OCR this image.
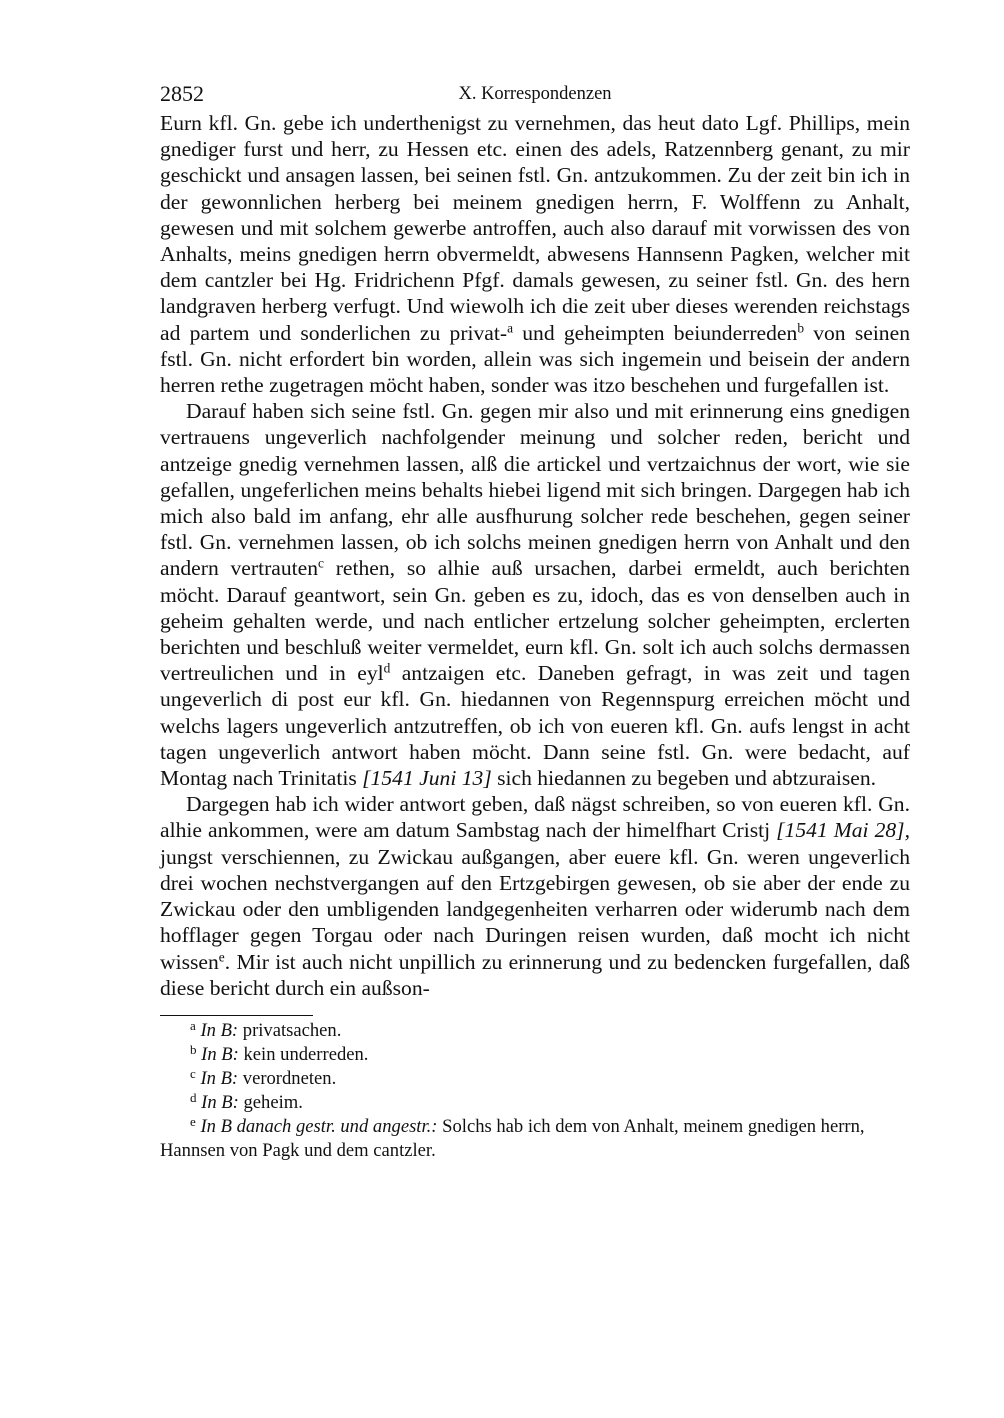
2852	X. Korrespondenzen

Eurn kfl. Gn. gebe ich underthenigst zu vernehmen, das heut dato Lgf. Phillips, mein gnediger furst und herr, zu Hessen etc. einen des adels, Ratzennberg genant, zu mir geschickt und ansagen lassen, bei seinen fstl. Gn. antzukommen. Zu der zeit bin ich in der gewonnlichen herberg bei meinem gnedigen herrn, F. Wolffenn zu Anhalt, gewesen und mit solchem gewerbe antroffen, auch also darauf mit vorwissen des von Anhalts, meins gnedigen herrn obvermeldt, abwesens Hannsenn Pagken, welcher mit dem cantzler bei Hg. Fridrichenn Pfgf. damals gewesen, zu seiner fstl. Gn. des hern landgraven herberg verfugt. Und wiewolh ich die zeit uber dieses werenden reichstags ad partem und sonderlichen zu privat-$^a$ und geheimpten beiunderreden$^b$ von seinen fstl. Gn. nicht erfordert bin worden, allein was sich ingemein und beisein der andern herren rethe zugetragen möcht haben, sonder was itzo beschehen und furgefallen ist.

Darauf haben sich seine fstl. Gn. gegen mir also und mit erinnerung eins gnedigen vertrauens ungeverlich nachfolgender meinung und solcher reden, bericht und antzeige gnedig vernehmen lassen, alß die artickel und vertzaichnus der wort, wie sie gefallen, ungeferlichen meins behalts hiebei ligend mit sich bringen. Dargegen hab ich mich also bald im anfang, ehr alle ausfhurung solcher rede beschehen, gegen seiner fstl. Gn. vernehmen lassen, ob ich solchs meinen gnedigen herrn von Anhalt und den andern vertrauten$^c$ rethen, so alhie auß ursachen, darbei ermeldt, auch berichten möcht. Darauf geantwort, sein Gn. geben es zu, idoch, das es von denselben auch in geheim gehalten werde, und nach entlicher ertzelung solcher geheimpten, erclerten berichten und beschluß weiter vermeldet, eurn kfl. Gn. solt ich auch solchs dermassen vertreulichen und in eyl$^d$ antzaigen etc. Daneben gefragt, in was zeit und tagen ungeverlich di post eur kfl. Gn. hiedannen von Regennspurg erreichen möcht und welchs lagers ungeverlich antzutreffen, ob ich von eueren kfl. Gn. aufs lengst in acht tagen ungeverlich antwort haben möcht. Dann seine fstl. Gn. were bedacht, auf Montag nach Trinitatis [1541 Juni 13] sich hiedannen zu begeben und abtzuraisen.

Dargegen hab ich wider antwort geben, daß nägst schreiben, so von eueren kfl. Gn. alhie ankommen, were am datum Sambstag nach der himelfhart Cristj [1541 Mai 28], jungst verschiennen, zu Zwickau außgangen, aber euere kfl. Gn. weren ungeverlich drei wochen nechstvergangen auf den Ertzgebirgen gewesen, ob sie aber der ende zu Zwickau oder den umbligenden landgegenheiten verharren oder widerumb nach dem hofflager gegen Torgau oder nach Duringen reisen wurden, daß mocht ich nicht wissen$^e$. Mir ist auch nicht unpillich zu erinnerung und zu bedencken furgefallen, daß diese bericht durch ein außson-

$^a$ In B: privatsachen.

$^b$ In B: kein underreden.

$^c$ In B: verordneten.

$^d$ In B: geheim.

$^e$ In B danach gestr. und angestr.: Solchs hab ich dem von Anhalt, meinem gnedigen herrn, Hannsen von Pagk und dem cantzler.
